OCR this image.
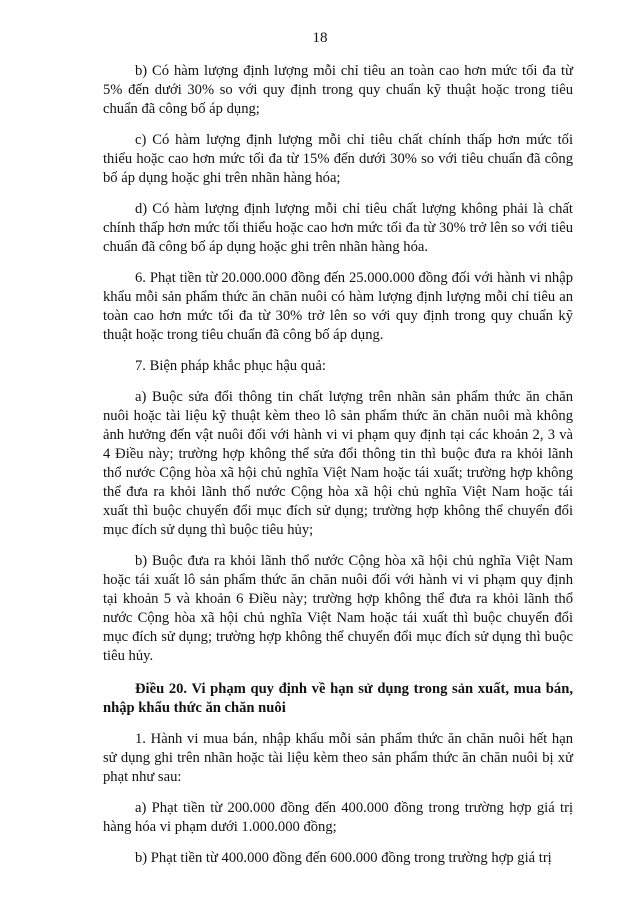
18

b) Có hàm lượng định lượng mỗi chỉ tiêu an toàn cao hơn mức tối đa từ 5% đến dưới 30% so với quy định trong quy chuẩn kỹ thuật hoặc trong tiêu chuẩn đã công bố áp dụng;

c) Có hàm lượng định lượng mỗi chỉ tiêu chất chính thấp hơn mức tối thiểu hoặc cao hơn mức tối đa từ 15% đến dưới 30% so với tiêu chuẩn đã công bố áp dụng hoặc ghi trên nhãn hàng hóa;

d) Có hàm lượng định lượng mỗi chỉ tiêu chất lượng không phải là chất chính thấp hơn mức tối thiểu hoặc cao hơn mức tối đa từ 30% trở lên so với tiêu chuẩn đã công bố áp dụng hoặc ghi trên nhãn hàng hóa.

6. Phạt tiền từ 20.000.000 đồng đến 25.000.000 đồng đối với hành vi nhập khẩu mỗi sản phẩm thức ăn chăn nuôi có hàm lượng định lượng mỗi chỉ tiêu an toàn cao hơn mức tối đa từ 30% trở lên so với quy định trong quy chuẩn kỹ thuật hoặc trong tiêu chuẩn đã công bố áp dụng.

7. Biện pháp khắc phục hậu quả:

a) Buộc sửa đổi thông tin chất lượng trên nhãn sản phẩm thức ăn chăn nuôi hoặc tài liệu kỹ thuật kèm theo lô sản phẩm thức ăn chăn nuôi mà không ảnh hưởng đến vật nuôi đối với hành vi vi phạm quy định tại các khoản 2, 3 và 4 Điều này; trường hợp không thể sửa đổi thông tin thì buộc đưa ra khỏi lãnh thổ nước Cộng hòa xã hội chủ nghĩa Việt Nam hoặc tái xuất; trường hợp không thể đưa ra khỏi lãnh thổ nước Cộng hòa xã hội chủ nghĩa Việt Nam hoặc tái xuất thì buộc chuyển đổi mục đích sử dụng; trường hợp không thể chuyển đổi mục đích sử dụng thì buộc tiêu hủy;

b) Buộc đưa ra khỏi lãnh thổ nước Cộng hòa xã hội chủ nghĩa Việt Nam hoặc tái xuất lô sản phẩm thức ăn chăn nuôi đối với hành vi vi phạm quy định tại khoản 5 và khoản 6 Điều này; trường hợp không thể đưa ra khỏi lãnh thổ nước Cộng hòa xã hội chủ nghĩa Việt Nam hoặc tái xuất thì buộc chuyển đổi mục đích sử dụng; trường hợp không thể chuyển đổi mục đích sử dụng thì buộc tiêu hủy.

Điều 20. Vi phạm quy định về hạn sử dụng trong sản xuất, mua bán, nhập khẩu thức ăn chăn nuôi

1. Hành vi mua bán, nhập khẩu mỗi sản phẩm thức ăn chăn nuôi hết hạn sử dụng ghi trên nhãn hoặc tài liệu kèm theo sản phẩm thức ăn chăn nuôi bị xử phạt như sau:

a) Phạt tiền từ 200.000 đồng đến 400.000 đồng trong trường hợp giá trị hàng hóa vi phạm dưới 1.000.000 đồng;

b) Phạt tiền từ 400.000 đồng đến 600.000 đồng trong trường hợp giá trị
